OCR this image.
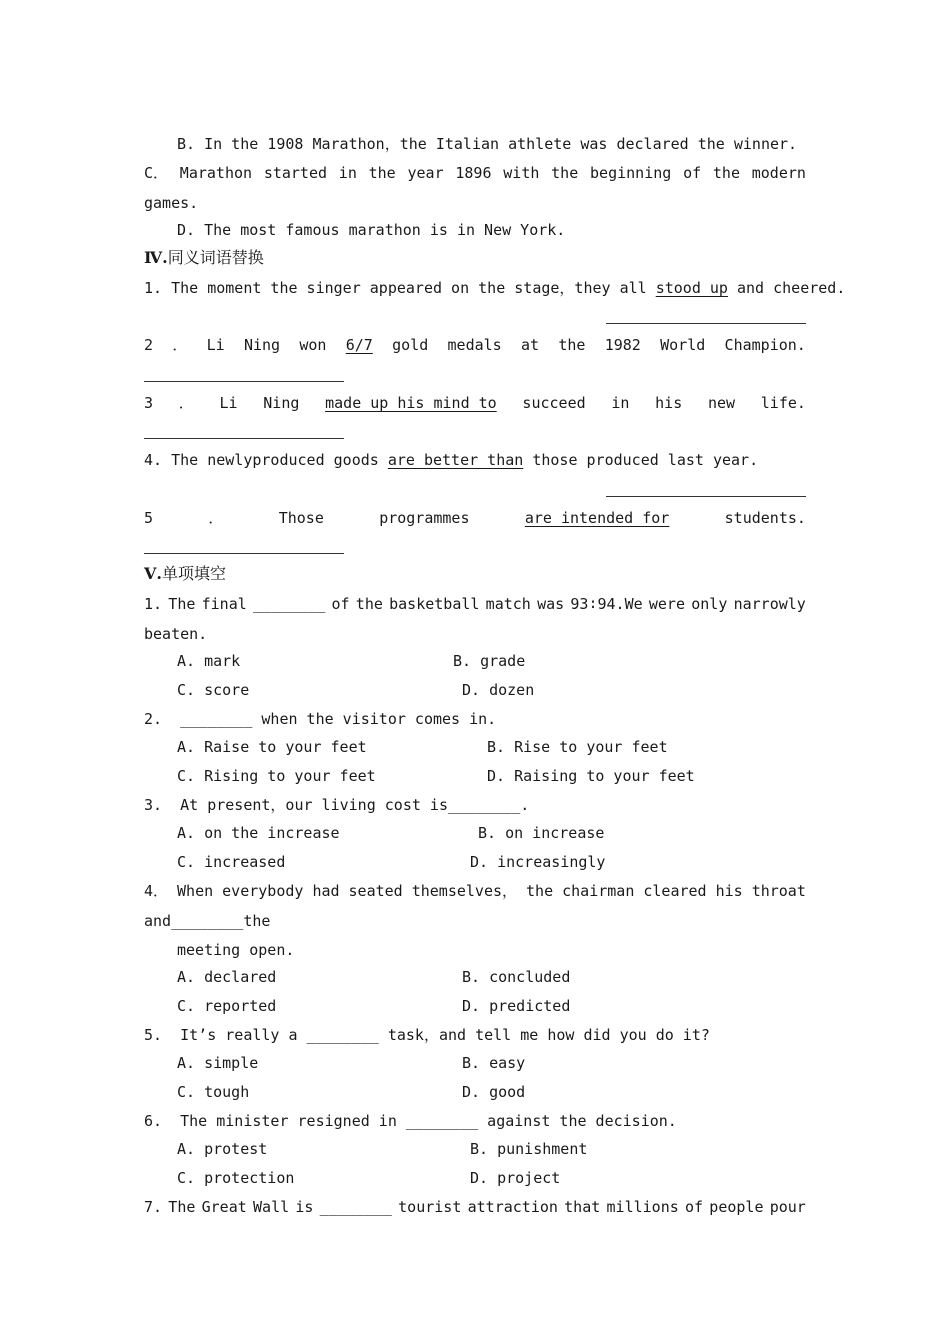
B. In the 1908 Marathon，the Italian athlete was declared the winner.
C． Marathon started in the year 1896 with the beginning of the modern
games.
D. The most famous marathon is in New York.
Ⅳ.同义词语替换
1. The moment the singer appeared on the stage，they all stood up and cheered.
2 ． Li Ning won 6/7 gold medals at the 1982 World Champion.
3 ． Li Ning made up his mind to succeed in his new life.
4. The newlyproduced goods are better than those produced last year.
5	．	Those	programmes	are intended for	students.
Ⅴ.单项填空
1. The final ________ of the basketball match was 93∶94.We were only narrowly
beaten.
A. mark	B. grade
C. score	D. dozen
2.  ________ when the visitor comes in.
A. Raise to your feet	B. Rise to your feet
C. Rising to your feet	D. Raising to your feet
3.  At present，our living cost is________.
A. on the increase	B. on increase
C. increased	D. increasingly
4． When everybody had seated themselves， the chairman cleared his throat
and________the
meeting open.
A. declared	B. concluded
C. reported	D. predicted
5.  It’s really a ________ task，and tell me how did you do it?
A. simple	B. easy
C. tough	D. good
6.  The minister resigned in ________ against the decision.
A. protest	B. punishment
C. protection	D. project
7. The Great Wall is ________ tourist attraction that millions of people pour
